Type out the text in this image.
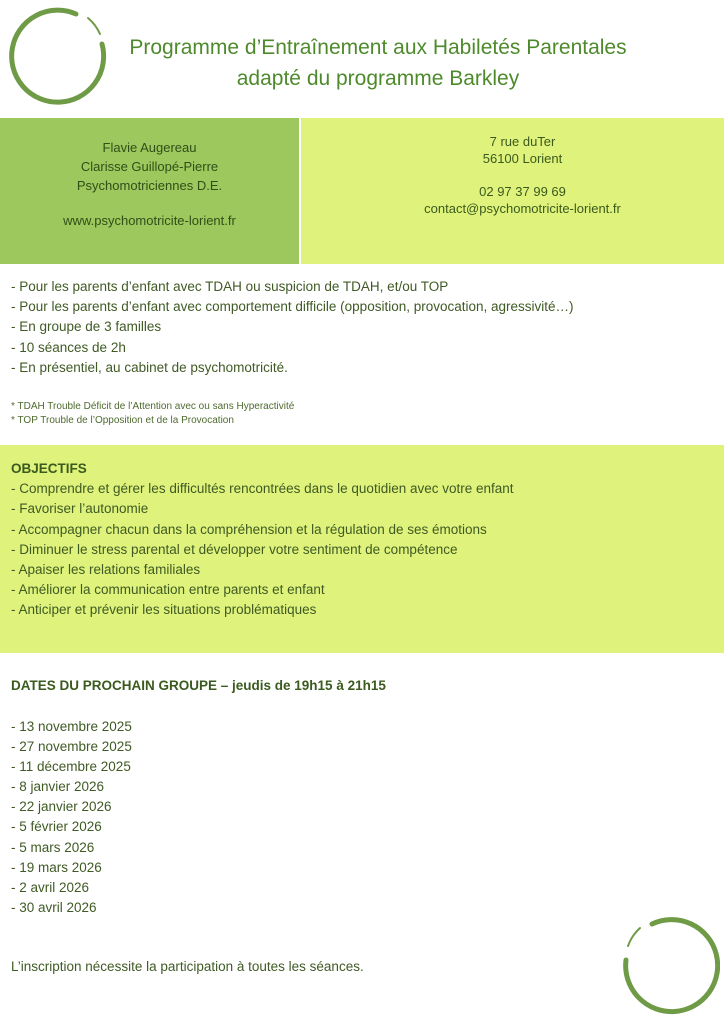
Programme d’Entraînement aux Habiletés Parentales
adapté du programme Barkley
Flavie Augereau
Clarisse Guillopé-Pierre
Psychomotriciennes D.E.
www.psychomotricite-lorient.fr
7 rue duTer
56100 Lorient
02 97 37 99 69
contact@psychomotricite-lorient.fr
- Pour les parents d’enfant avec TDAH ou suspicion de TDAH, et/ou TOP
- Pour les parents d’enfant avec comportement difficile (opposition, provocation, agressivité…)
- En groupe de 3 familles
- 10 séances de 2h
- En présentiel, au cabinet de psychomotricité.
* TDAH Trouble Déficit de l’Attention avec ou sans Hyperactivité
* TOP Trouble de l’Opposition et de la Provocation
OBJECTIFS
- Comprendre et gérer les difficultés rencontrées dans le quotidien avec votre enfant
- Favoriser l’autonomie
- Accompagner chacun dans la compréhension et la régulation de ses émotions
- Diminuer le stress parental et développer votre sentiment de compétence
- Apaiser les relations familiales
- Améliorer la communication entre parents et enfant
- Anticiper et prévenir les situations problématiques
DATES DU PROCHAIN GROUPE – jeudis de 19h15 à 21h15
- 13 novembre 2025
- 27 novembre 2025
- 11 décembre 2025
- 8 janvier 2026
- 22 janvier 2026
- 5 février 2026
- 5 mars 2026
- 19 mars 2026
- 2 avril 2026
- 30 avril 2026
L’inscription nécessite la participation à toutes les séances.
